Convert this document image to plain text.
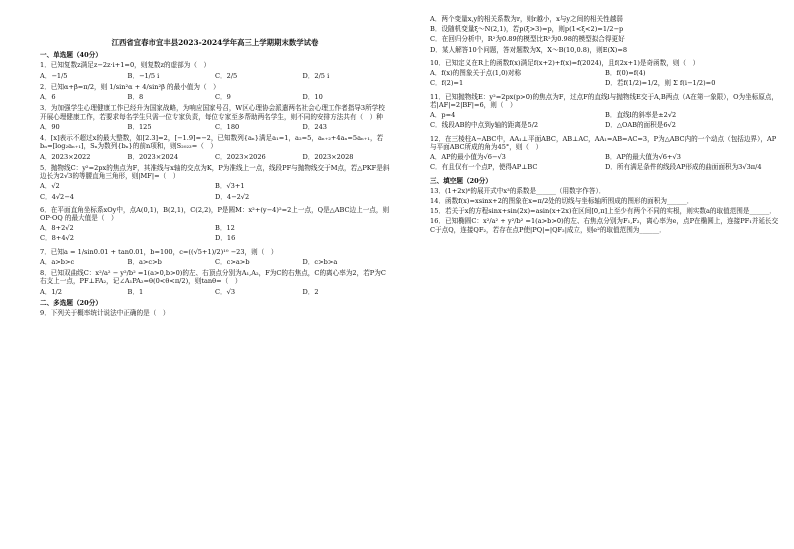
江西省宜春市宜丰县2023-2024学年高三上学期期末数学试卷
一、单选题（40分）
1．已知复数z满足z−2z·i+1=0，则复数z的虚部为（　）
A．−1/5	B．−1/5 i	C．2/5	D．2/5 i
2．已知α+β=π/2，则 1/sin²α + 4/sin²β 的最小值为（　）
A．6	B．8	C．9	D．10
3．为加强学生心理健康工作已经升为国家战略，为响应国家号召，W区心理协会派遣两名社会心理工作者指导3所学校开展心理健康工作，若要求每名学生只需一位专家负责，每位专家至多帮助两名学生，则不同的安排方法共有（　）种
A．90	B．125	C．180	D．243
4．[x]表示不超过x的最大整数，如[2.3]=2，[−1.9]=−2，已知数列{aₙ}满足a₁=1，a₂=5，aₙ₊₂+4aₙ=5aₙ₊₁，若bₙ=[log₂aₙ₊₁]，Sₙ为数列{bₙ}的前n项和，则S₂₀₂₃=（　）
A．2023×2022	B．2023×2024	C．2023×2026	D．2023×2028
5．抛物线C：y²=2px的焦点为F，其准线与x轴的交点为K，P为准线上一点，线段PF与抛物线交于M点，若△PKF是斜边长为2√3的等腰直角三角形，则|MF|=（　）
A．√2	B．√3+1
C．4√2−4	D．4−2√2
6．在平面直角坐标系xOy中，点A(0,1)，B(2,1)，C(2,2)，P是圆M：x²+(y−4)²=2上一点，Q是△ABC边上一点，则 OP·OQ 的最大值是（　）
A．8+2√2	B．12
C．8+4√2	D．16
7．已知a = 1/sin0.01 + tan0.01，b=100，c=((√5+1)/2)¹⁰ −23，则（　）
A．a>b>c	B．a>c>b	C．c>a>b	D．c>b>a
8．已知双曲线C：x²/a² − y²/b² =1(a>0,b>0)的左、右顶点分别为A₁,A₂，F为C的右焦点，C的离心率为2，若P为C右支上一点，PF⊥FA₂，记∠A₁PA₂=θ(0<θ<π/2)，则tanθ=（　）
A．1/2	B．1	C．√3	D．2
二、多选题（20分）
9．下列关于概率统计说法中正确的是（　）
A．两个变量x,y的相关系数为r，则r越小，x与y之间的相关性越弱
B．设随机变量ξ～N(2,1)，若p(ξ>3)=p，则p(1<ξ<2)=1/2−p
C．在回归分析中，R²为0.89的模型比R²为0.98的模型拟合得更好
D．某人解答10个问题，答对题数为X，X～B(10,0.8)，则E(X)=8
10．已知定义在R上的函数f(x)满足f(x+2)+f(x)=f(2024)，且f(2x+1)是奇函数，则（　）
A．f(x)的图象关于点(1,0)对称	B．f(0)=f(4)
C．f(2)=1	D．若f(1/2)=1/2，则 Σ f(i−1/2)=0
11．已知抛物线E：y²=2px(p>0)的焦点为F，过点F的直线l与抛物线E交于A,B两点（A在第一象限），O为坐标原点，若|AF|=2|BF|=6，则（　）
A．p=4	B．直线l的斜率是±2√2
C．线段AB的中点到y轴的距离是5/2	D．△OAB的面积是6√2
12．在三棱柱A−ABC中，AA₁⊥平面ABC，AB⊥AC，AA₁=AB=AC=3，P为△ABC内的一个动点（包括边界），AP与平面ABC所成的角为45°，则（　）
A．AP的最小值为√6−√3	B．AP的最大值为√6+√3
C．有且仅有一个点P，使得AP⊥BC	D．所有满足条件的线段AP形成的曲面面积为3√3π/4
三、填空题（20分）
13．(1+2x)⁶的展开式中x³的系数是______（用数字作答）．
14．函数f(x)=xsinx+2的图象在x=π/2处的切线与坐标轴所围成的图形的面积为______．
15．若关于x的方程sinx+sin(2x)=asin(x+2x)在区间[0,π]上至少有两个不同的实根，则实数a的取值范围是______．
16．已知椭圆C：x²/a² + y²/b² =1(a>b>0)的左、右焦点分别为F₁,F₂，离心率为e，点P在椭圆上，连接PF₁并延长交C于点Q，连接QF₂，若存在点P使|PQ|=|QF₂|成立，则e²的取值范围为______．
